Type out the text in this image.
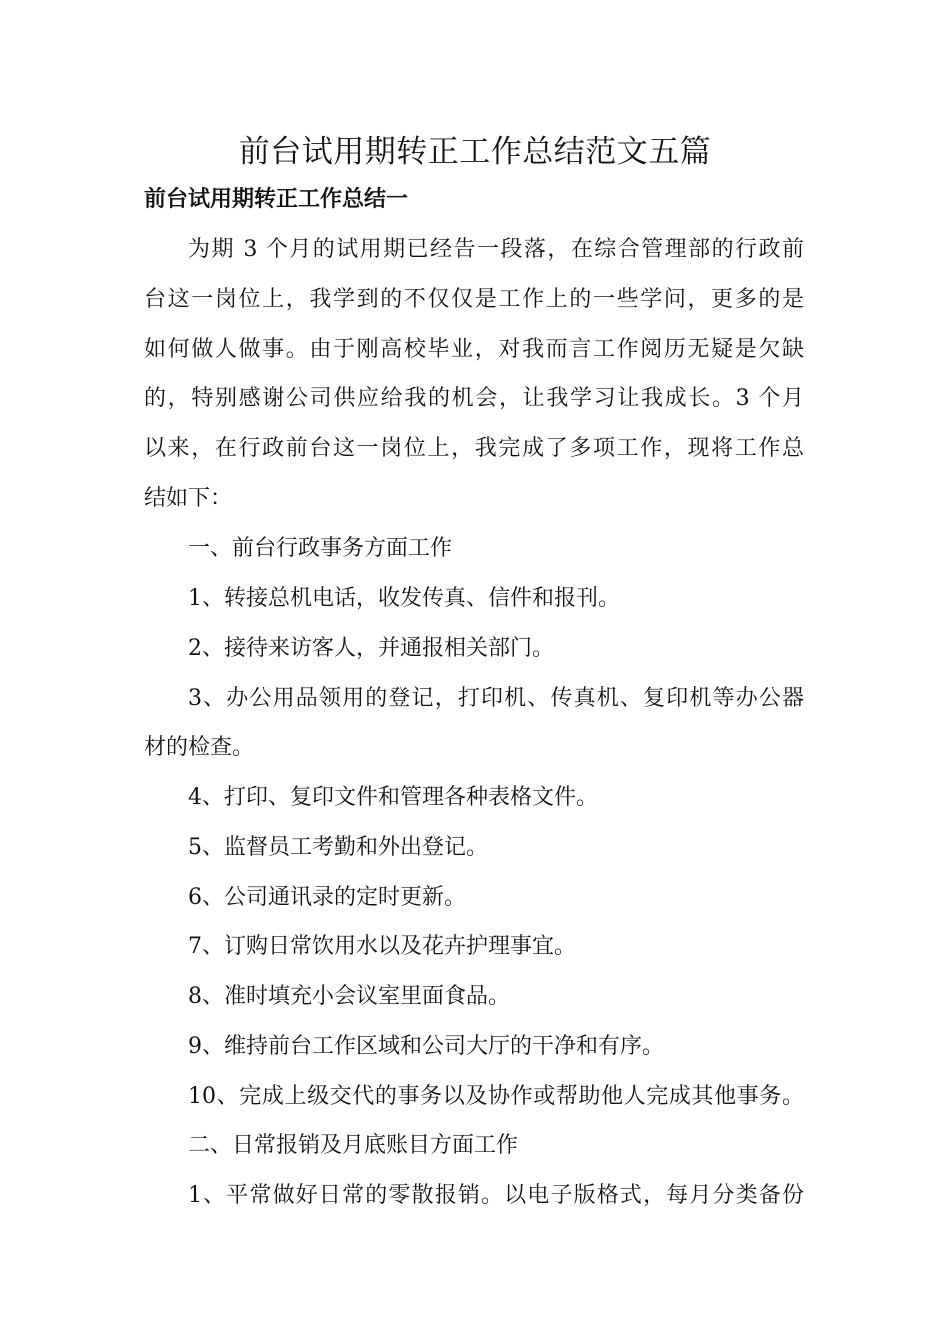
前台试用期转正工作总结范文五篇
前台试用期转正工作总结一
为期 3 个月的试用期已经告一段落，在综合管理部的行政前
台这一岗位上，我学到的不仅仅是工作上的一些学问，更多的是
如何做人做事。由于刚高校毕业，对我而言工作阅历无疑是欠缺
的，特别感谢公司供应给我的机会，让我学习让我成长。3 个月
以来，在行政前台这一岗位上，我完成了多项工作，现将工作总
结如下：
一、前台行政事务方面工作
1、转接总机电话，收发传真、信件和报刊。
2、接待来访客人，并通报相关部门。
3、办公用品领用的登记，打印机、传真机、复印机等办公器
材的检查。
4、打印、复印文件和管理各种表格文件。
5、监督员工考勤和外出登记。
6、公司通讯录的定时更新。
7、订购日常饮用水以及花卉护理事宜。
8、准时填充小会议室里面食品。
9、维持前台工作区域和公司大厅的干净和有序。
10、完成上级交代的事务以及协作或帮助他人完成其他事务。
二、日常报销及月底账目方面工作
1、平常做好日常的零散报销。以电子版格式，每月分类备份
